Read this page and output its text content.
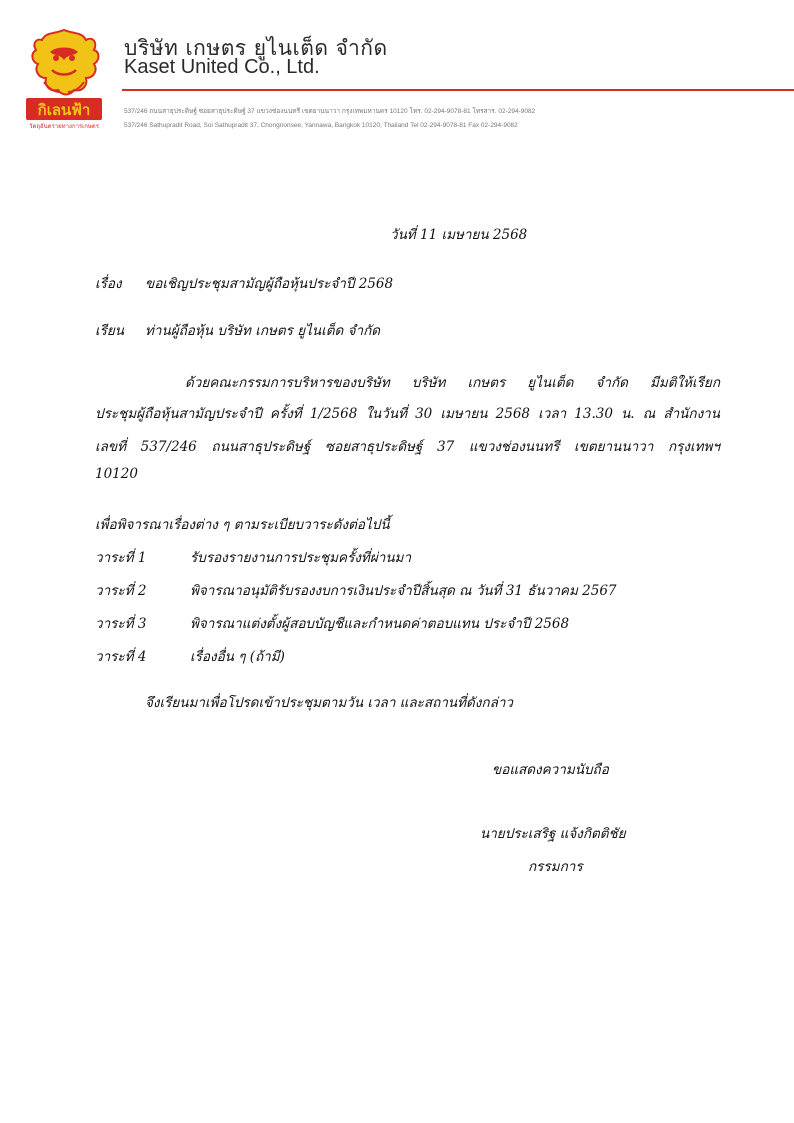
กิเลนฟ้า
วัตถุอันตรายทางการเกษตร
บริษัท เกษตร ยูไนเต็ด จำกัด
Kaset United Co., Ltd.
537/246 ถนนสาธุประดิษฐ์ ซอยสาธุประดิษฐ์ 37 แขวงช่องนนทรี เขตยานนาวา กรุงเทพมหานคร 10120 โทร. 02-294-9078-81 โทรสาร. 02-294-9082
537/246 Sathupradit Road, Soi Sathupradit 37, Chongnonsee, Yannawa, Bangkok 10120, Thailand Tel 02-294-9078-81 Fax 02-294-9082
วันที่ 11 เมษายน 2568
เรื่อง ขอเชิญประชุมสามัญผู้ถือหุ้นประจำปี 2568
เรียน ท่านผู้ถือหุ้น บริษัท เกษตร ยูไนเต็ด จำกัด
ด้วยคณะกรรมการบริหารของบริษัท บริษัท เกษตร ยูไนเต็ด จำกัด มีมติให้เรียก
ประชุมผู้ถือหุ้นสามัญประจำปี ครั้งที่ 1/2568 ในวันที่ 30 เมษายน 2568 เวลา 13.30 น. ณ สำนักงาน
เลขที่ 537/246 ถนนสาธุประดิษฐ์ ซอยสาธุประดิษฐ์ 37 แขวงช่องนนทรี เขตยานนาวา กรุงเทพฯ
10120
เพื่อพิจารณาเรื่องต่าง ๆ ตามระเบียบวาระดังต่อไปนี้
วาระที่ 1	รับรองรายงานการประชุมครั้งที่ผ่านมา
วาระที่ 2	พิจารณาอนุมัติรับรองงบการเงินประจำปีสิ้นสุด ณ วันที่ 31 ธันวาคม 2567
วาระที่ 3	พิจารณาแต่งตั้งผู้สอบบัญชีและกำหนดค่าตอบแทน ประจำปี 2568
วาระที่ 4	เรื่องอื่น ๆ (ถ้ามี)
จึงเรียนมาเพื่อโปรดเข้าประชุมตามวัน เวลา และสถานที่ดังกล่าว
ขอแสดงความนับถือ
นายประเสริฐ แจ้งกิตติชัย
กรรมการ
